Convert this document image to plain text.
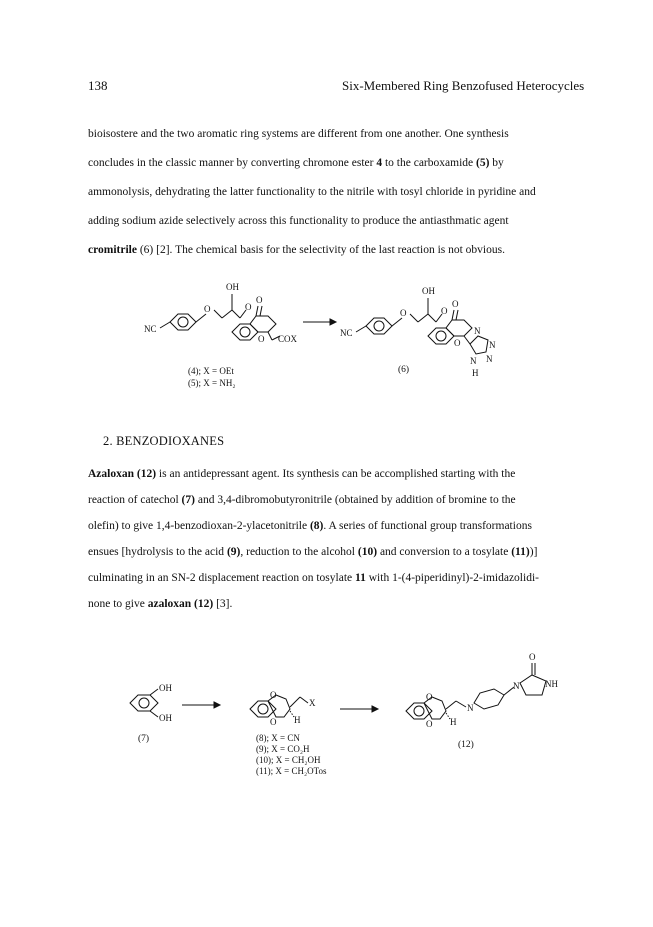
138	Six-Membered Ring Benzofused Heterocycles
bioisostere and the two aromatic ring systems are different from one another. One synthesis
concludes in the classic manner by converting chromone ester 4 to the carboxamide (5) by
ammonolysis, dehydrating the latter functionality to the nitrile with tosyl chloride in pyridine and
adding sodium azide selectively across this functionality to produce the antiasthmatic agent
cromitrile (6) [2]. The chemical basis for the selectivity of the last reaction is not obvious.
OH
O	O
O
O
NC
COX
OH
O	O
O
O
NC	N
N
N
N
H
(4); X = OEt
(5); X = NH₂
(6)
2. BENZODIOXANES
Azaloxan (12) is an antidepressant agent. Its synthesis can be accomplished starting with the
reaction of catechol (7) and 3,4-dibromobutyronitrile (obtained by addition of bromine to the
olefin) to give 1,4-benzodioxan-2-ylacetonitrile (8). A series of functional group transformations
ensues [hydrolysis to the acid (9), reduction to the alcohol (10) and conversion to a tosylate (11))]
culminating in an SN-2 displacement reaction on tosylate 11 with 1-(4-piperidinyl)-2-imidazolidi-
none to give azaloxan (12) [3].
OH
OH
(7)
O
O
X
H
O
O H
N
N	NH
O
(12)
(8); X = CN
(9); X = CO₂H
(10); X = CH₂OH
(11); X = CH₂OTos
